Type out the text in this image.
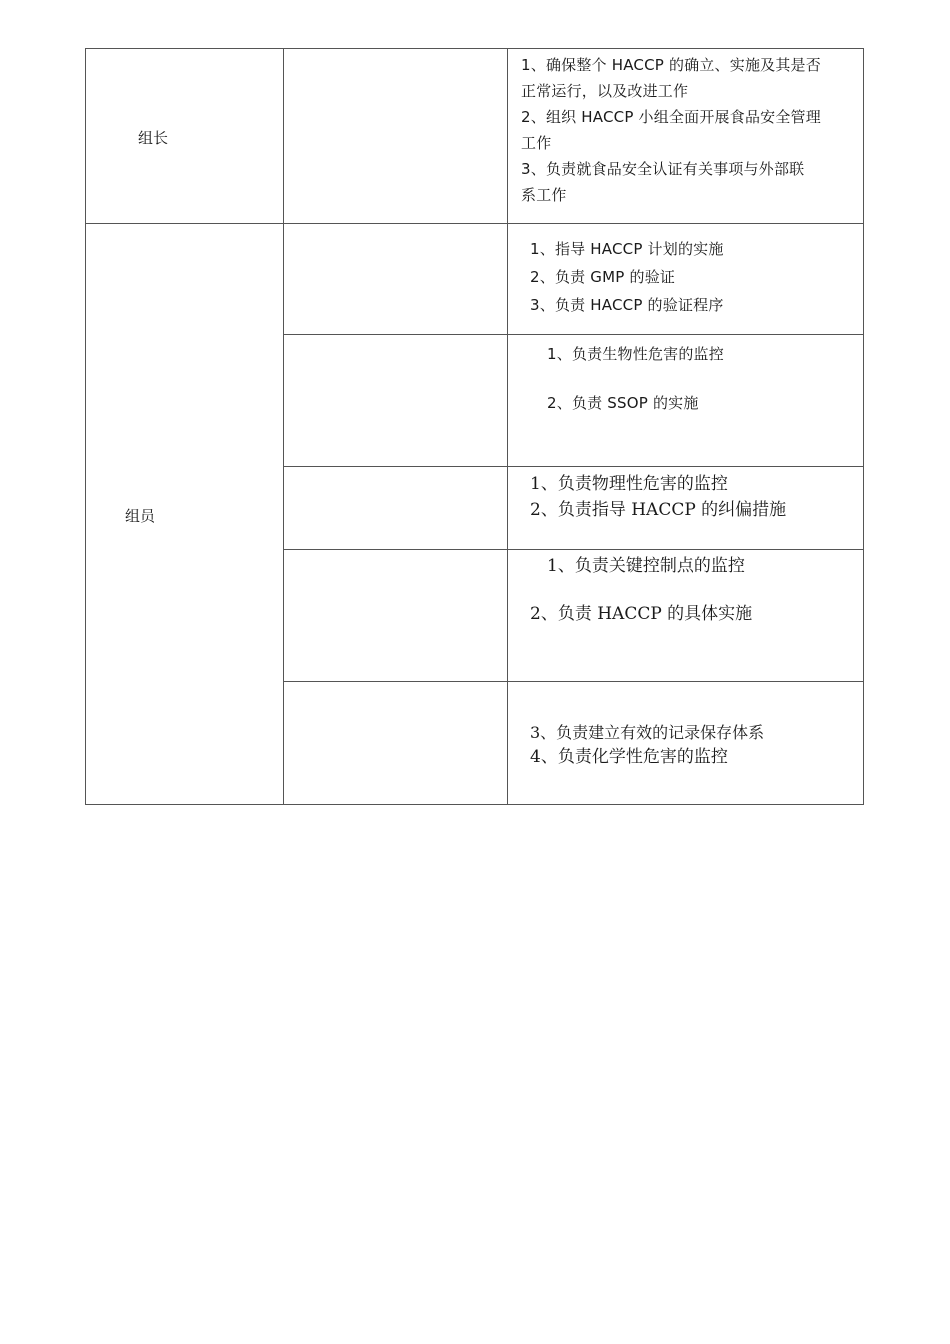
组长
1、确保整个 HACCP 的确立、实施及其是否
正常运行，以及改进工作
2、组织 HACCP 小组全面开展食品安全管理
工作
3、负责就食品安全认证有关事项与外部联
系工作
组员
1、指导 HACCP 计划的实施
2、负责 GMP 的验证
3、负责 HACCP 的验证程序
1、负责生物性危害的监控
2、负责 SSOP 的实施
1、负责物理性危害的监控
2、负责指导 HACCP 的纠偏措施
1、负责关键控制点的监控
2、负责 HACCP 的具体实施
3、负责建立有效的记录保存体系
4、负责化学性危害的监控
